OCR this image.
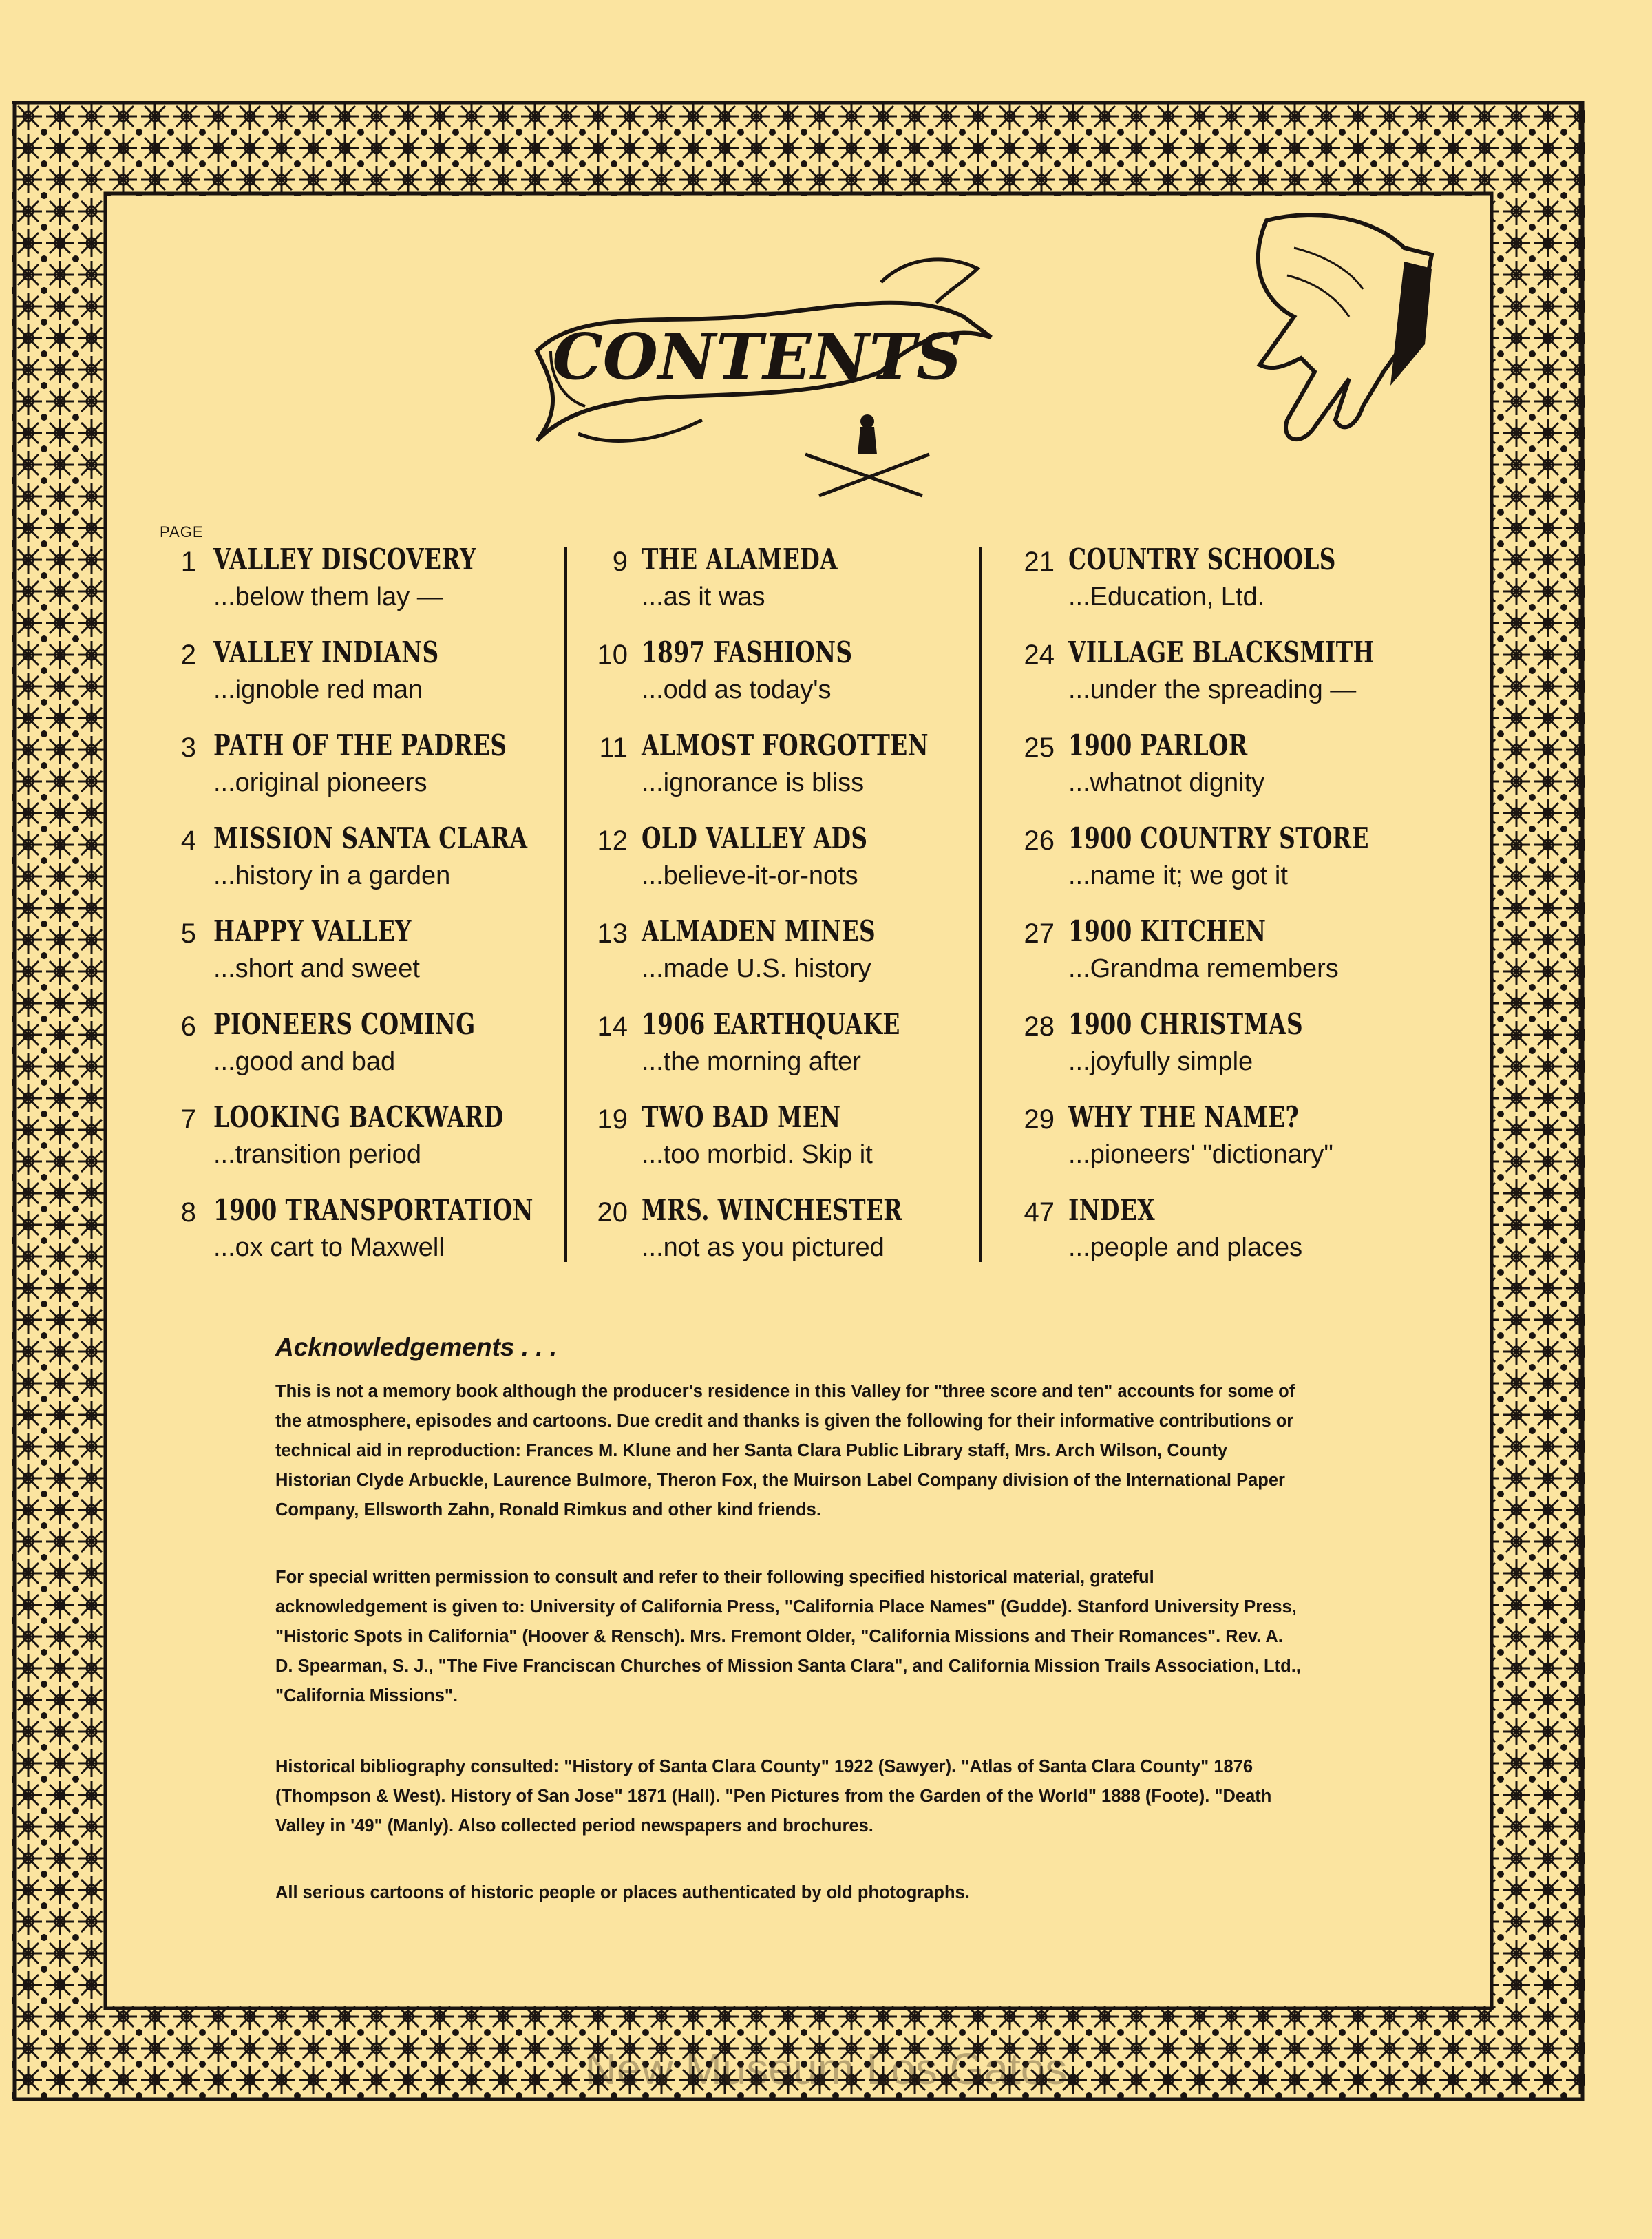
CONTENTS
PAGE
1 VALLEY DISCOVERY
...below them lay —
2 VALLEY INDIANS
...ignoble red man
3 PATH OF THE PADRES
...original pioneers
4 MISSION SANTA CLARA
...history in a garden
5 HAPPY VALLEY
...short and sweet
6 PIONEERS COMING
...good and bad
7 LOOKING BACKWARD
...transition period
8 1900 TRANSPORTATION
...ox cart to Maxwell
9 THE ALAMEDA
...as it was
10 1897 FASHIONS
...odd as today's
11 ALMOST FORGOTTEN
...ignorance is bliss
12 OLD VALLEY ADS
...believe-it-or-nots
13 ALMADEN MINES
...made U.S. history
14 1906 EARTHQUAKE
...the morning after
19 TWO BAD MEN
...too morbid. Skip it
20 MRS. WINCHESTER
...not as you pictured
21 COUNTRY SCHOOLS
...Education, Ltd.
24 VILLAGE BLACKSMITH
...under the spreading —
25 1900 PARLOR
...whatnot dignity
26 1900 COUNTRY STORE
...name it; we got it
27 1900 KITCHEN
...Grandma remembers
28 1900 CHRISTMAS
...joyfully simple
29 WHY THE NAME?
...pioneers' "dictionary"
47 INDEX
...people and places
Acknowledgements . . .

This is not a memory book although the producer's residence in this Valley for "three score and ten" accounts for some of the atmosphere, episodes and cartoons. Due credit and thanks is given the following for their informative contributions or technical aid in reproduction: Frances M. Klune and her Santa Clara Public Library staff, Mrs. Arch Wilson, County Historian Clyde Arbuckle, Laurence Bulmore, Theron Fox, the Muirson Label Company division of the International Paper Company, Ellsworth Zahn, Ronald Rimkus and other kind friends.

For special written permission to consult and refer to their following specified historical material, grateful acknowledgement is given to: University of California Press, "California Place Names" (Gudde). Stanford University Press, "Historic Spots in California" (Hoover & Rensch). Mrs. Fremont Older, "California Missions and Their Romances". Rev. A. D. Spearman, S. J., "The Five Franciscan Churches of Mission Santa Clara", and California Mission Trails Association, Ltd., "California Missions".

Historical bibliography consulted: "History of Santa Clara County" 1922 (Sawyer). "Atlas of Santa Clara County" 1876 (Thompson & West). History of San Jose" 1871 (Hall). "Pen Pictures from the Garden of the World" 1888 (Foote). "Death Valley in '49" (Manly). Also collected period newspapers and brochures.

All serious cartoons of historic people or places authenticated by old photographs.

New Museum Los Gatos
